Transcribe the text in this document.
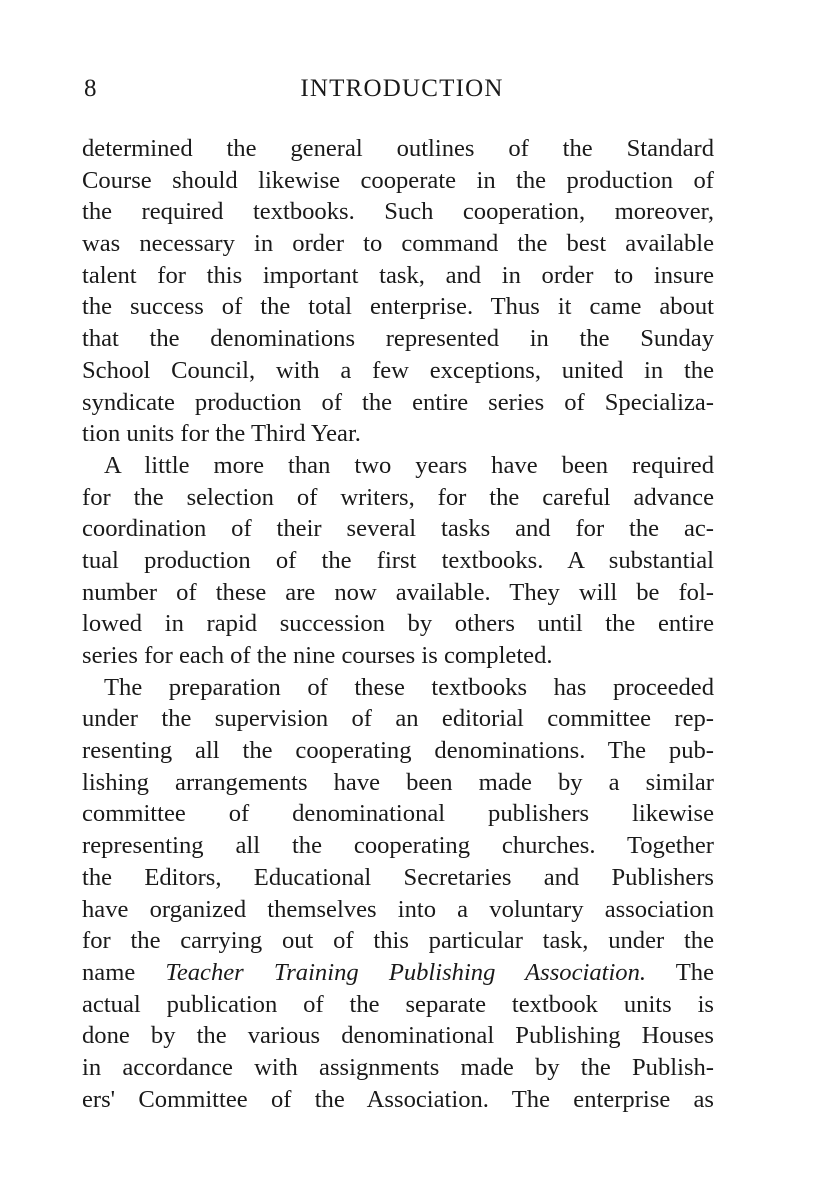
8	INTRODUCTION
determined the general outlines of the Standard
Course should likewise cooperate in the production of
the required textbooks. Such cooperation, moreover,
was necessary in order to command the best available
talent for this important task, and in order to insure
the success of the total enterprise. Thus it came about
that the denominations represented in the Sunday
School Council, with a few exceptions, united in the
syndicate production of the entire series of Specializa-
tion units for the Third Year.
A little more than two years have been required
for the selection of writers, for the careful advance
coordination of their several tasks and for the ac-
tual production of the first textbooks. A substantial
number of these are now available. They will be fol-
lowed in rapid succession by others until the entire
series for each of the nine courses is completed.
The preparation of these textbooks has proceeded
under the supervision of an editorial committee rep-
resenting all the cooperating denominations. The pub-
lishing arrangements have been made by a similar
committee of denominational publishers likewise
representing all the cooperating churches. Together
the Editors, Educational Secretaries and Publishers
have organized themselves into a voluntary association
for the carrying out of this particular task, under the
name Teacher Training Publishing Association. The
actual publication of the separate textbook units is
done by the various denominational Publishing Houses
in accordance with assignments made by the Publish-
ers' Committee of the Association. The enterprise as
